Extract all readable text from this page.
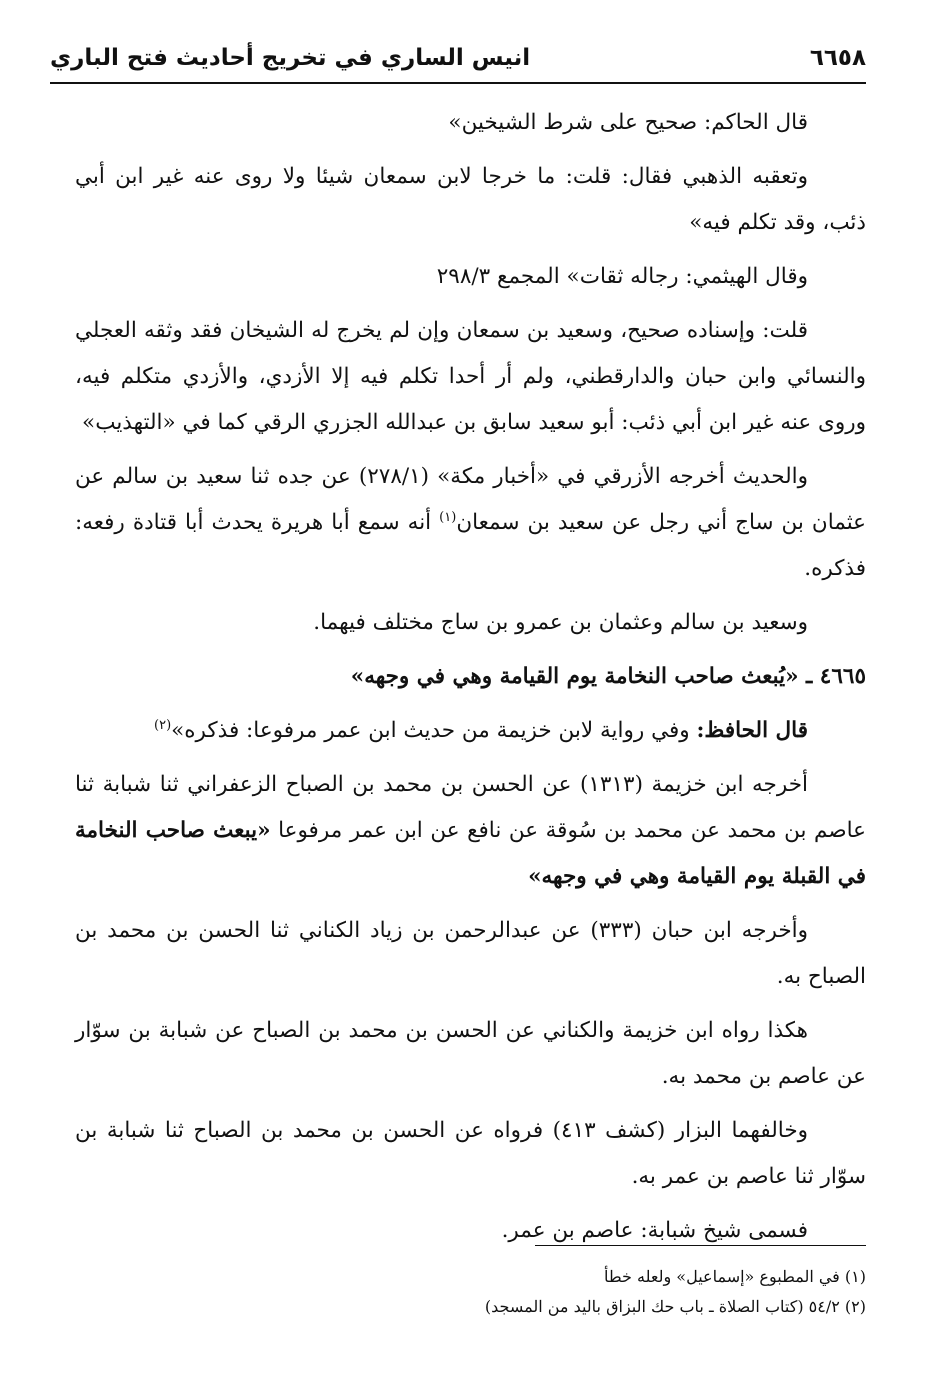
٦٦٥٨
انيس الساري في تخريج أحاديث فتح الباري

قال الحاكم: صحيح على شرط الشيخين»

وتعقبه الذهبي فقال: قلت: ما خرجا لابن سمعان شيئا ولا روى عنه غير ابن أبي ذئب، وقد تكلم فيه»

وقال الهيثمي: رجاله ثقات» المجمع ٢٩٨/٣

قلت: وإسناده صحيح، وسعيد بن سمعان وإن لم يخرج له الشيخان فقد وثقه العجلي والنسائي وابن حبان والدارقطني، ولم أر أحدا تكلم فيه إلا الأزدي، والأزدي متكلم فيه، وروى عنه غير ابن أبي ذئب: أبو سعيد سابق بن عبدالله الجزري الرقي كما في «التهذيب»

والحديث أخرجه الأزرقي في «أخبار مكة» (٢٧٨/١) عن جده ثنا سعيد بن سالم عن عثمان بن ساج أني رجل عن سعيد بن سمعان$^{(١)}$ أنه سمع أبا هريرة يحدث أبا قتادة رفعه: فذكره.

وسعيد بن سالم وعثمان بن عمرو بن ساج مختلف فيهما.

٤٦٦٥ ـ «يُبعث صاحب النخامة يوم القيامة وهي في وجهه»

قال الحافظ: وفي رواية لابن خزيمة من حديث ابن عمر مرفوعا: فذكره»$^{(٢)}$

أخرجه ابن خزيمة (١٣١٣) عن الحسن بن محمد بن الصباح الزعفراني ثنا شبابة ثنا عاصم بن محمد عن محمد بن سُوقة عن نافع عن ابن عمر مرفوعا «يبعث صاحب النخامة في القبلة يوم القيامة وهي في وجهه»

وأخرجه ابن حبان (٣٣٣) عن عبدالرحمن بن زياد الكناني ثنا الحسن بن محمد بن الصباح به.

هكذا رواه ابن خزيمة والكناني عن الحسن بن محمد بن الصباح عن شبابة بن سوّار عن عاصم بن محمد به.

وخالفهما البزار (كشف ٤١٣) فرواه عن الحسن بن محمد بن الصباح ثنا شبابة بن سوّار ثنا عاصم بن عمر به.

فسمى شيخ شبابة: عاصم بن عمر.

(١) في المطبوع «إسماعيل» ولعله خطأ

(٢) ٥٤/٢ (كتاب الصلاة ـ باب حك البزاق باليد من المسجد)
